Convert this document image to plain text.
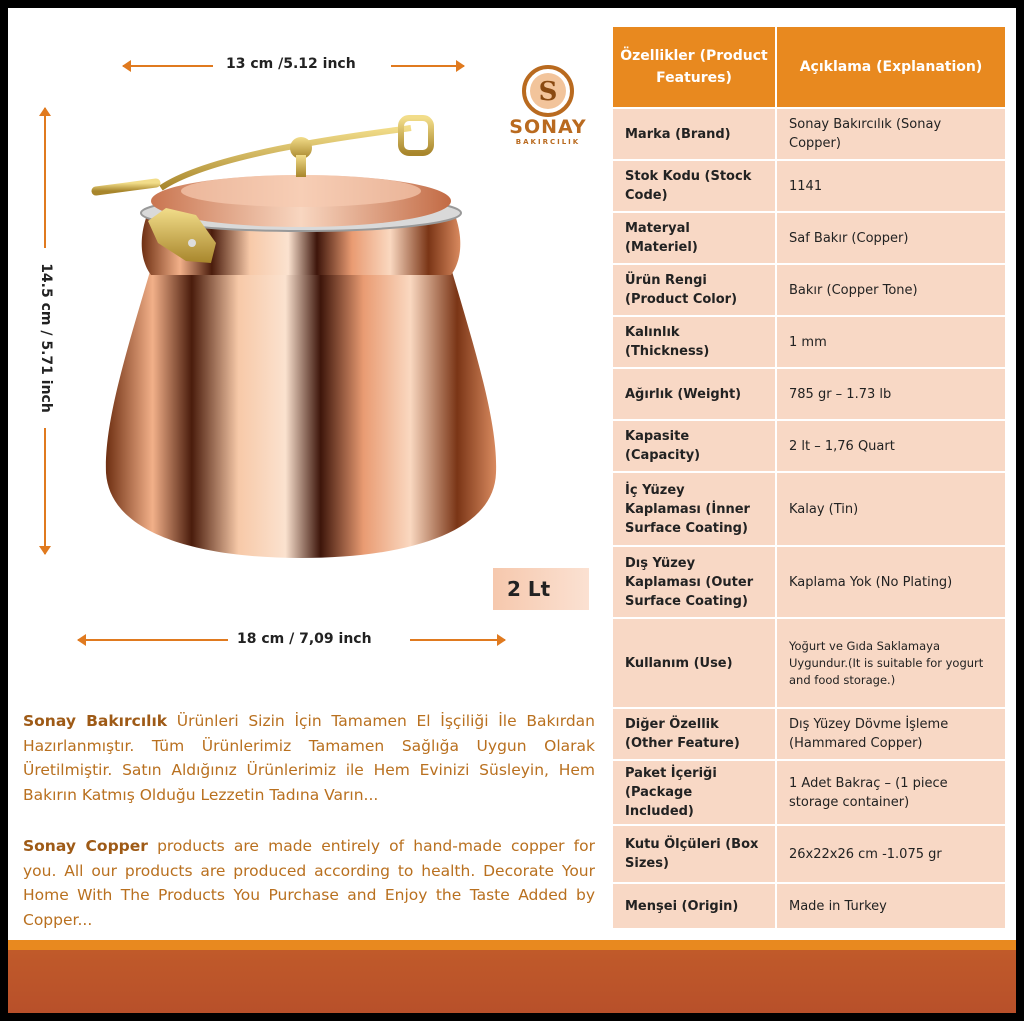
13 cm /5.12 inch
14.5 cm / 5.71 inch
S
SONAY
BAKIRCILIK
2 Lt
18 cm / 7,09 inch
Sonay Bakırcılık Ürünleri Sizin İçin Tamamen El İşçiliği İle Bakırdan Hazırlanmıştır. Tüm Ürünlerimiz Tamamen Sağlığa Uygun Olarak Üretilmiştir. Satın Aldığınız Ürünlerimiz ile Hem Evinizi Süsleyin, Hem Bakırın Katmış Olduğu Lezzetin Tadına Varın...
Sonay Copper products are made entirely of hand-made copper for you. All our products are produced according to health. Decorate Your Home With The Products You Purchase and Enjoy the Taste Added by Copper...
Özellikler (Product Features)	Açıklama (Explanation)
Marka (Brand)	Sonay Bakırcılık (Sonay Copper)
Stok Kodu (Stock Code)	1141
Materyal (Materiel)	Saf Bakır (Copper)
Ürün Rengi (Product Color)	Bakır (Copper Tone)
Kalınlık (Thickness)	1 mm
Ağırlık (Weight)	785 gr – 1.73 lb
Kapasite (Capacity)	2 lt – 1,76 Quart
İç Yüzey Kaplaması (İnner Surface Coating)	Kalay (Tin)
Dış Yüzey Kaplaması (Outer Surface Coating)	Kaplama Yok (No Plating)
Kullanım (Use)	Yoğurt ve Gıda Saklamaya Uygundur.(It is suitable for yogurt and food storage.)
Diğer Özellik (Other Feature)	Dış Yüzey Dövme İşleme (Hammared Copper)
Paket İçeriği (Package Included)	1 Adet Bakraç – (1 piece storage container)
Kutu Ölçüleri (Box Sizes)	26x22x26 cm -1.075 gr
Menşei (Origin)	Made in Turkey
